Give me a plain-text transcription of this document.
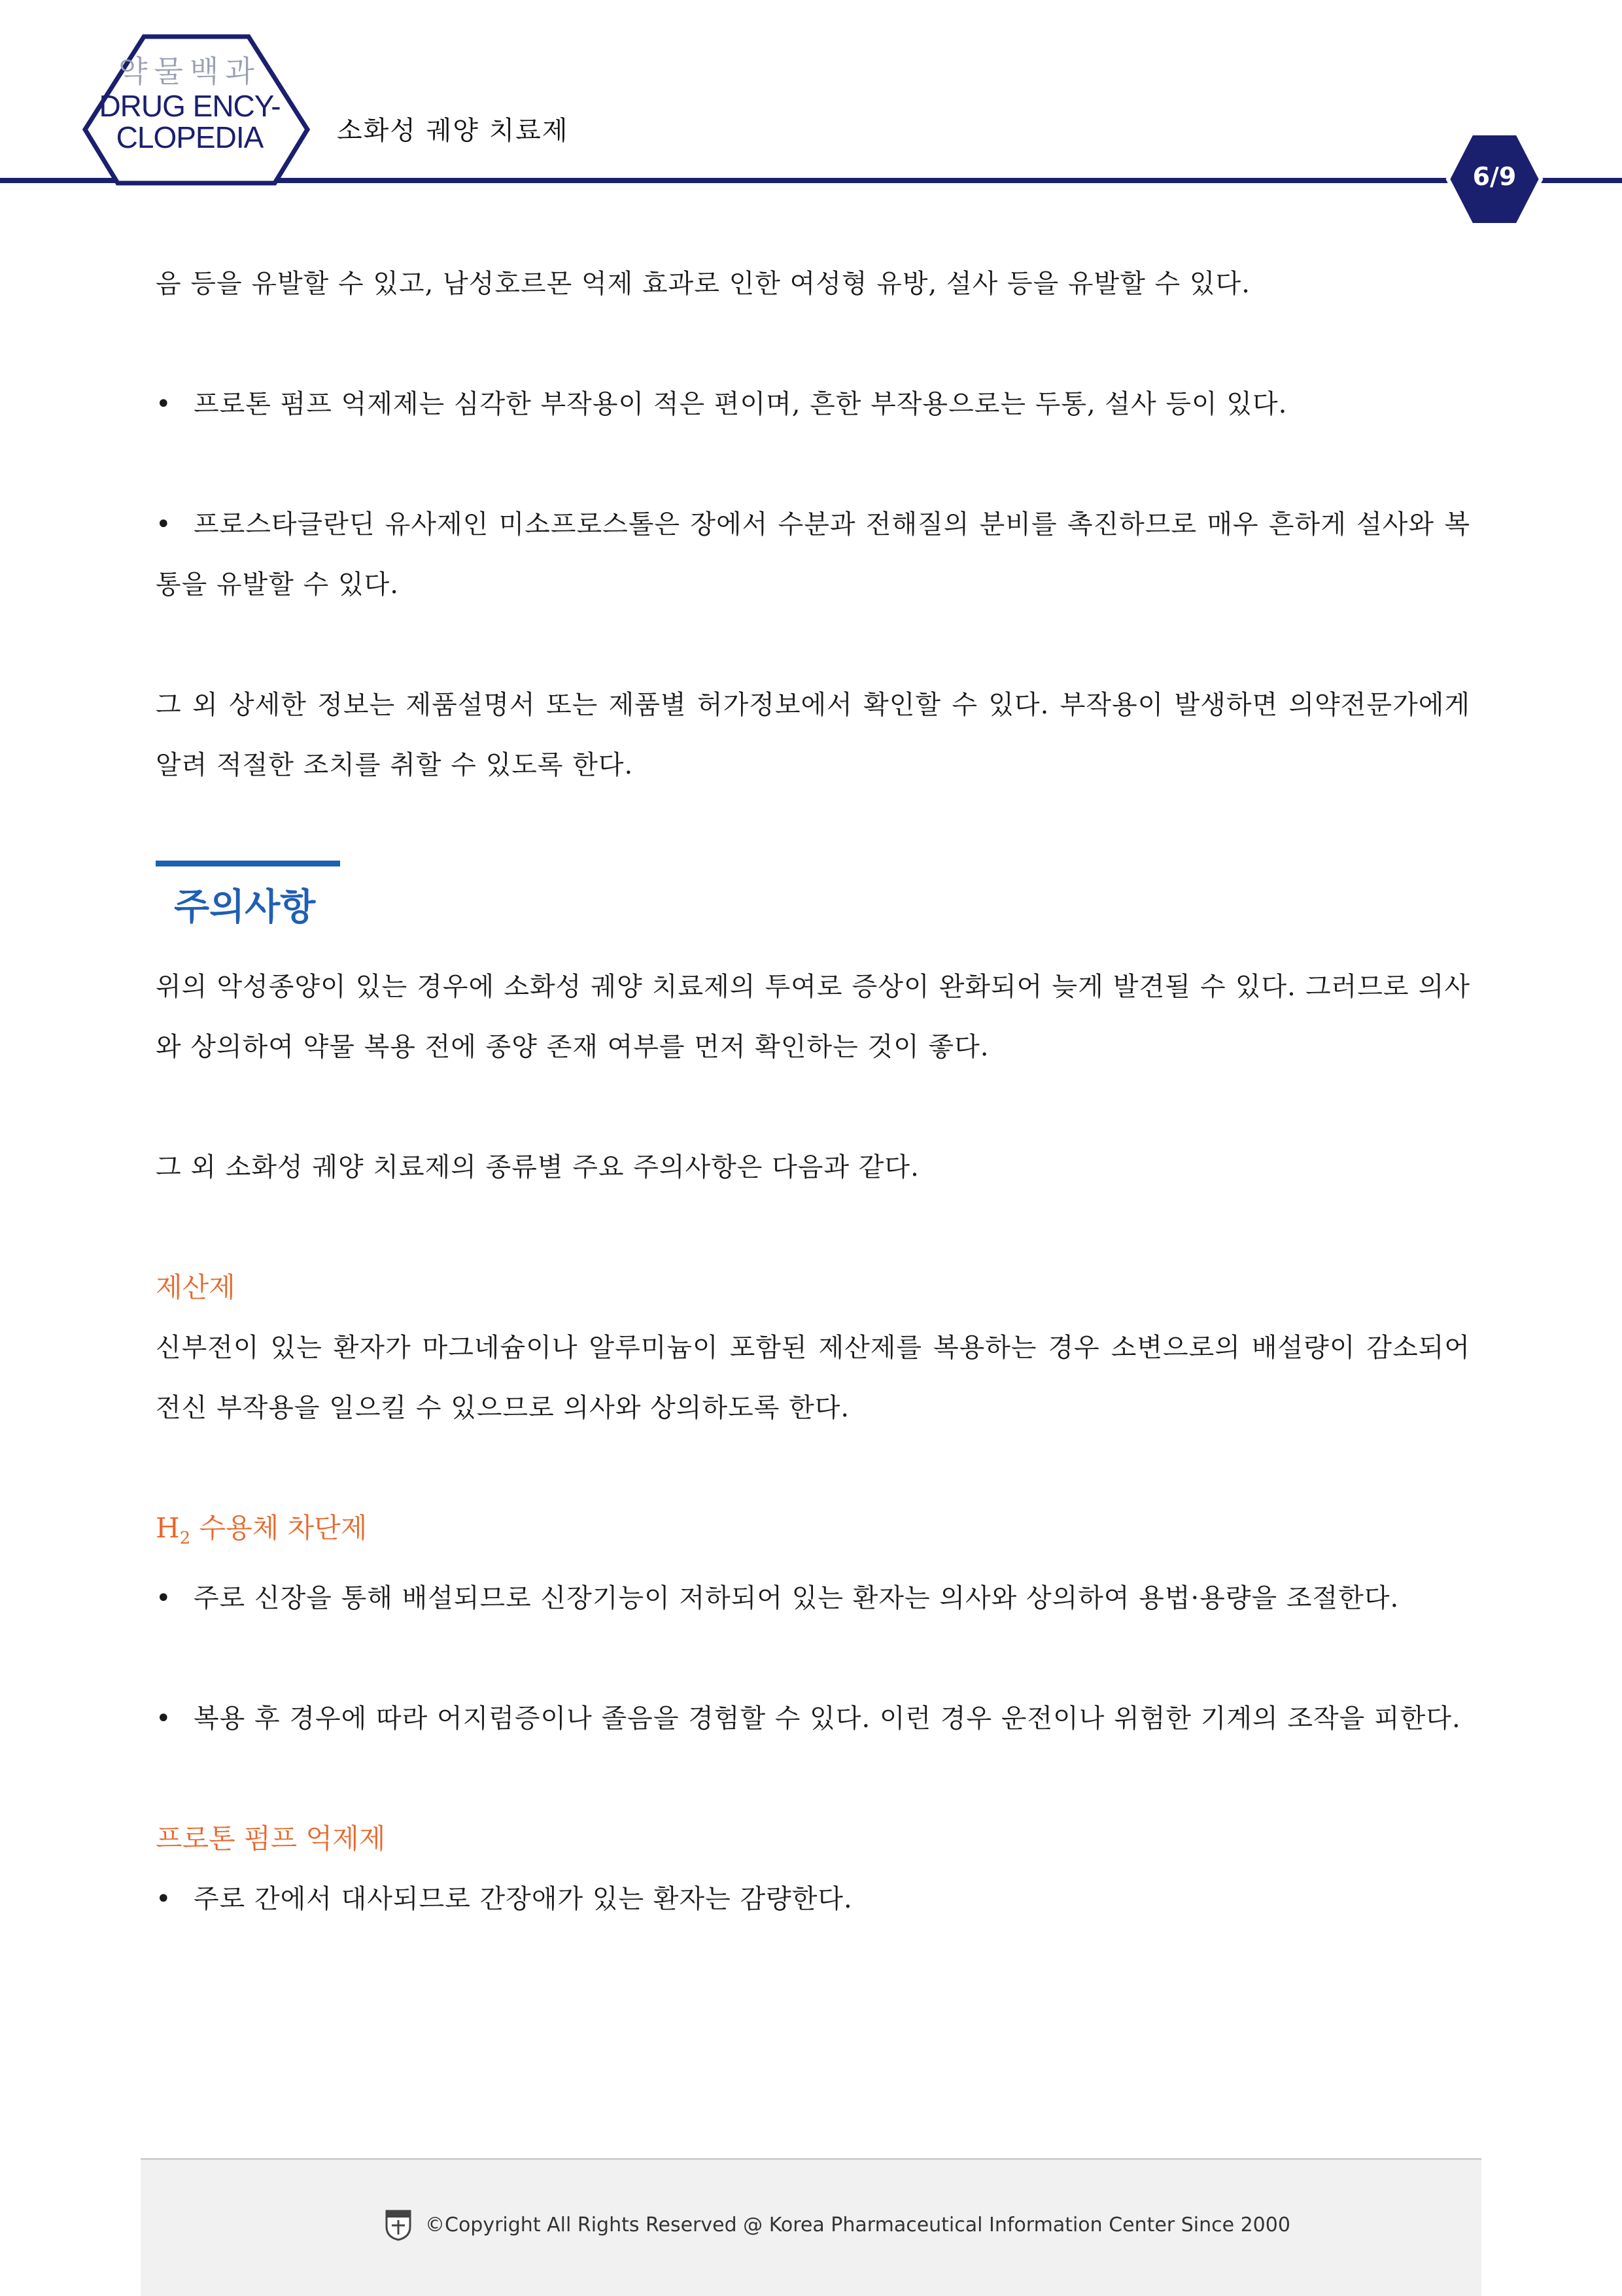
약물백과
DRUG ENCY-
CLOPEDIA	소화성 궤양 치료제
6/9

음 등을 유발할 수 있고, 남성호르몬 억제 효과로 인한 여성형 유방, 설사 등을 유발할 수 있다.

• 프로톤 펌프 억제제는 심각한 부작용이 적은 편이며, 흔한 부작용으로는 두통, 설사 등이 있다.

• 프로스타글란딘 유사제인 미소프로스톨은 장에서 수분과 전해질의 분비를 촉진하므로 매우 흔하게 설사와 복통을 유발할 수 있다.

그 외 상세한 정보는 제품설명서 또는 제품별 허가정보에서 확인할 수 있다. 부작용이 발생하면 의약전문가에게 알려 적절한 조치를 취할 수 있도록 한다.

주의사항

위의 악성종양이 있는 경우에 소화성 궤양 치료제의 투여로 증상이 완화되어 늦게 발견될 수 있다. 그러므로 의사와 상의하여 약물 복용 전에 종양 존재 여부를 먼저 확인하는 것이 좋다.

그 외 소화성 궤양 치료제의 종류별 주요 주의사항은 다음과 같다.

제산제

신부전이 있는 환자가 마그네슘이나 알루미늄이 포함된 제산제를 복용하는 경우 소변으로의 배설량이 감소되어 전신 부작용을 일으킬 수 있으므로 의사와 상의하도록 한다.

$H_2$ 수용체 차단제

• 주로 신장을 통해 배설되므로 신장기능이 저하되어 있는 환자는 의사와 상의하여 용법·용량을 조절한다.

• 복용 후 경우에 따라 어지럼증이나 졸음을 경험할 수 있다. 이런 경우 운전이나 위험한 기계의 조작을 피한다.

프로톤 펌프 억제제

• 주로 간에서 대사되므로 간장애가 있는 환자는 감량한다.

©Copyright All Rights Reserved @ Korea Pharmaceutical Information Center Since 2000
